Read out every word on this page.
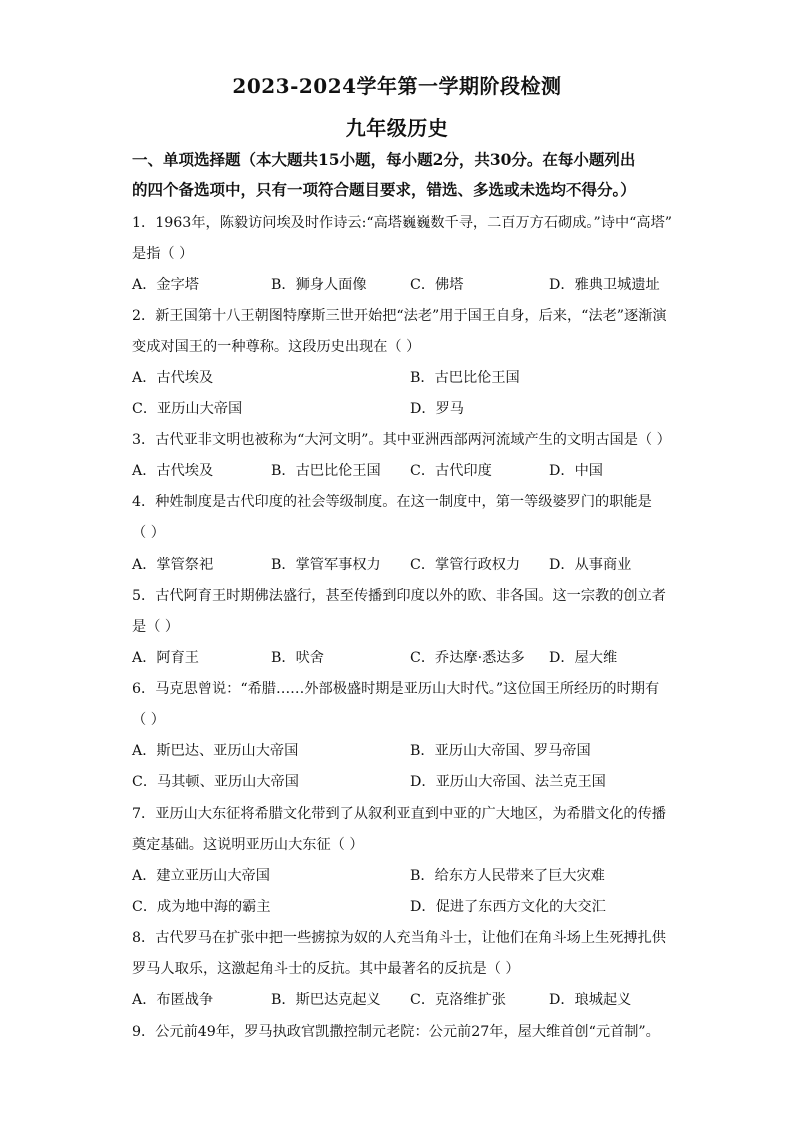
2023-2024学年第一学期阶段检测
九年级历史
一、单项选择题（本大题共15小题，每小题2分，共30分。在每小题列出
的四个备选项中，只有一项符合题目要求，错选、多选或未选均不得分。）
1．1963年，陈毅访问埃及时作诗云:“高塔巍巍数千寻，二百万方石砌成。”诗中“高塔”
是指（ ）
A．金字塔	B．狮身人面像	C．佛塔	D．雅典卫城遗址
2．新王国第十八王朝图特摩斯三世开始把“法老”用于国王自身，后来，“法老”逐渐演
变成对国王的一种尊称。这段历史出现在（ ）
A．古代埃及	B．古巴比伦王国
C．亚历山大帝国	D．罗马
3．古代亚非文明也被称为“大河文明”。其中亚洲西部两河流域产生的文明古国是（ ）
A．古代埃及	B．古巴比伦王国 C．古代印度	D．中国
4．种姓制度是古代印度的社会等级制度。在这一制度中，第一等级婆罗门的职能是
（ ）
A．掌管祭祀	B．掌管军事权力 C．掌管行政权力 D．从事商业
5．古代阿育王时期佛法盛行，甚至传播到印度以外的欧、非各国。这一宗教的创立者
是（ ）
A．阿育王	B．吠舍	C．乔达摩·悉达多 D．屋大维
6．马克思曾说：“希腊……外部极盛时期是亚历山大时代。”这位国王所经历的时期有
（ ）
A．斯巴达、亚历山大帝国	B．亚历山大帝国、罗马帝国
C．马其顿、亚历山大帝国	D．亚历山大帝国、法兰克王国
7．亚历山大东征将希腊文化带到了从叙利亚直到中亚的广大地区，为希腊文化的传播
奠定基础。这说明亚历山大东征（ ）
A．建立亚历山大帝国	B．给东方人民带来了巨大灾难
C．成为地中海的霸主	D．促进了东西方文化的大交汇
8．古代罗马在扩张中把一些掳掠为奴的人充当角斗士，让他们在角斗场上生死搏扎供
罗马人取乐，这激起角斗士的反抗。其中最著名的反抗是（ ）
A．布匿战争	B．斯巴达克起义 C．克洛维扩张	D．琅城起义
9．公元前49年，罗马执政官凯撒控制元老院：公元前27年，屋大维首创“元首制”。
